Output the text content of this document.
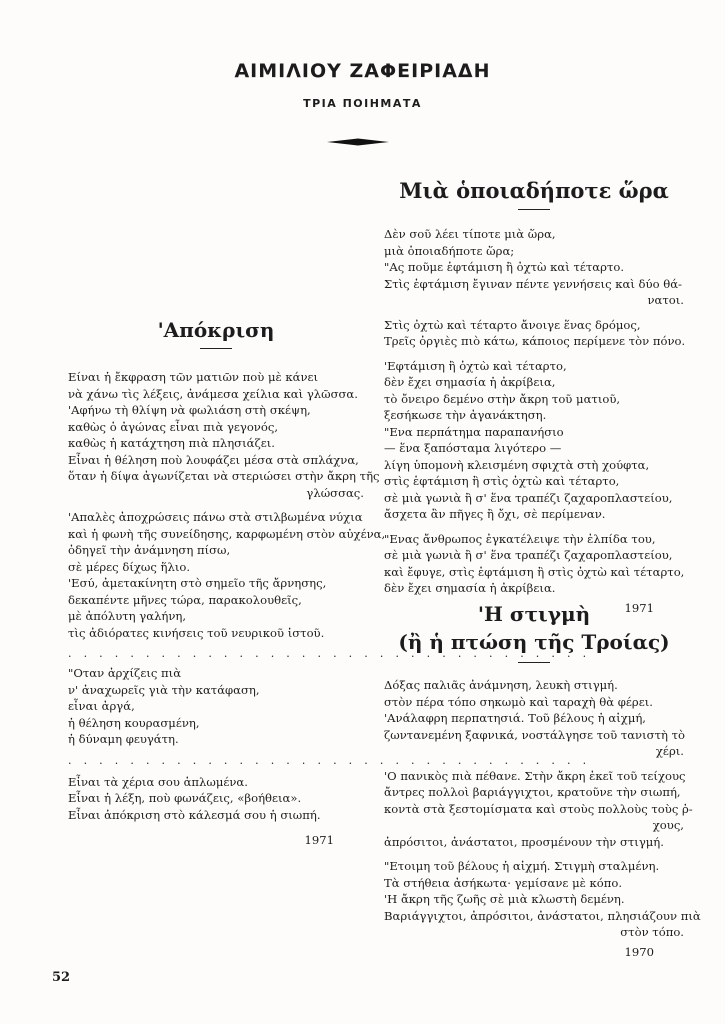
ΑΙΜΙΛΙΟΥ ΖΑΦΕΙΡΙΑΔΗ

ΤΡΙΑ ΠΟΙΗΜΑΤΑ

'Απόκριση

Είναι ἡ ἔκφραση τῶν ματιῶν ποὺ μὲ κάνει
νὰ χάνω τὶς λέξεις, ἀνάμεσα χείλια καὶ γλῶσσα.
'Αφήνω τὴ θλίψη νὰ φωλιάση στὴ σκέψη,
καθὼς ὁ ἀγώνας εἶναι πιὰ γεγονός,
καθὼς ἡ κατάχτηση πιὰ πλησιάζει.
Εἶναι ἡ θέληση ποὺ λουφάζει μέσα στὰ σπλάχνα,
ὅταν ἡ δίψα ἀγωνίζεται νὰ στεριώσει στὴν ἄκρη τῆς
γλώσσας.

'Απαλὲς ἀποχρώσεις πάνω στὰ στιλβωμένα νύχια
καὶ ἡ φωνὴ τῆς συνείδησης, καρφωμένη στὸν αὐχένα,
ὁδηγεῖ τὴν ἀνάμνηση πίσω,
σὲ μέρες δίχως ἥλιο.
'Εσύ, ἀμετακίνητη στὸ σημεῖο τῆς ἄρνησης,
δεκαπέντε μῆνες τώρα, παρακολουθεῖς,
μὲ ἀπόλυτη γαλήνη,
τὶς ἀδιόρατες κινήσεις τοῦ νευρικοῦ ἱστοῦ.

. . . . . . . . . . . . . . . . . . . . . . . . . . . . . . . . . .

"Οταν ἀρχίζεις πιὰ
ν' ἀναχωρεῖς γιὰ τὴν κατάφαση,
εἶναι ἀργά,
ἡ θέληση κουρασμένη,
ἡ δύναμη φευγάτη.

. . . . . . . . . . . . . . . . . . . . . . . . . . . . . . . . . .

Εἶναι τὰ χέρια σου ἁπλωμένα.
Εἶναι ἡ λέξη, ποὺ φωνάζεις, «βοήθεια».
Εἶναι ἀπόκριση στὸ κάλεσμά σου ἡ σιωπή.

1971

Μιὰ ὁποιαδήποτε ὥρα

Δὲν σοῦ λέει τίποτε μιὰ ὥρα,
μιὰ ὁποιαδήποτε ὥρα;
"Ας ποῦμε ἑφτάμιση ἢ ὀχτὼ καὶ τέταρτο.
Στὶς ἑφτάμιση ἔγιναν πέντε γεννήσεις καὶ δύο θά-
νατοι.

Στὶς ὀχτὼ καὶ τέταρτο ἄνοιγε ἕνας δρόμος,
Τρεῖς ὀργιὲς πιὸ κάτω, κάποιος περίμενε τὸν πόνο.

'Εφτάμιση ἢ ὀχτὼ καὶ τέταρτο,
δὲν ἔχει σημασία ἡ ἀκρίβεια,
τὸ ὄνειρο δεμένο στὴν ἄκρη τοῦ ματιοῦ,
ξεσήκωσε τὴν ἀγανάκτηση.
"Ενα περπάτημα παραπανήσιο
— ἕνα ξαπόσταμα λιγότερο —
λίγη ὑπομονὴ κλεισμένη σφιχτὰ στὴ χούφτα,
στὶς ἑφτάμιση ἢ στὶς ὀχτὼ καὶ τέταρτο,
σὲ μιὰ γωνιὰ ἢ σ' ἕνα τραπέζι ζαχαροπλαστείου,
ἄσχετα ἂν πῆγες ἢ ὄχι, σὲ περίμεναν.

"Ενας ἄνθρωπος ἐγκατέλειψε τὴν ἐλπίδα του,
σὲ μιὰ γωνιὰ ἢ σ' ἕνα τραπέζι ζαχαροπλαστείου,
καὶ ἔφυγε, στὶς ἑφτάμιση ἢ στὶς ὀχτὼ καὶ τέταρτο,
δὲν ἔχει σημασία ἡ ἀκρίβεια.

1971

'Η στιγμὴ

(ἢ ἡ πτώση τῆς Τροίας)

Δόξας παλιᾶς ἀνάμνηση, λευκὴ στιγμή.
στὸν πέρα τόπο σηκωμὸ καὶ ταραχὴ θὰ φέρει.
'Ανάλαφρη περπατησιά. Τοῦ βέλους ἡ αἰχμή,
ζωντανεμένη ξαφνικά, νοστάλγησε τοῦ τανιστὴ τὸ
χέρι.

'Ο πανικὸς πιὰ πέθανε. Στὴν ἄκρη ἐκεῖ τοῦ τείχους
ἄντρες πολλοὶ βαριάγγιχτοι, κρατοῦνε τὴν σιωπή,
κοντὰ στὰ ξεστομίσματα καὶ στοὺς πολλοὺς τοὺς ῥ-
χους,
ἀπρόσιτοι, ἀνάστατοι, προσμένουν τὴν στιγμή.

"Ετοιμη τοῦ βέλους ἡ αἰχμή. Στιγμὴ σταλμένη.
Τὰ στήθεια ἀσήκωτα· γεμίσανε μὲ κόπο.
'Η ἄκρη τῆς ζωῆς σὲ μιὰ κλωστὴ δεμένη.
Βαριάγγιχτοι, ἀπρόσιτοι, ἀνάστατοι, πλησιάζουν πιὰ
στὸν τόπο.

1970

52
